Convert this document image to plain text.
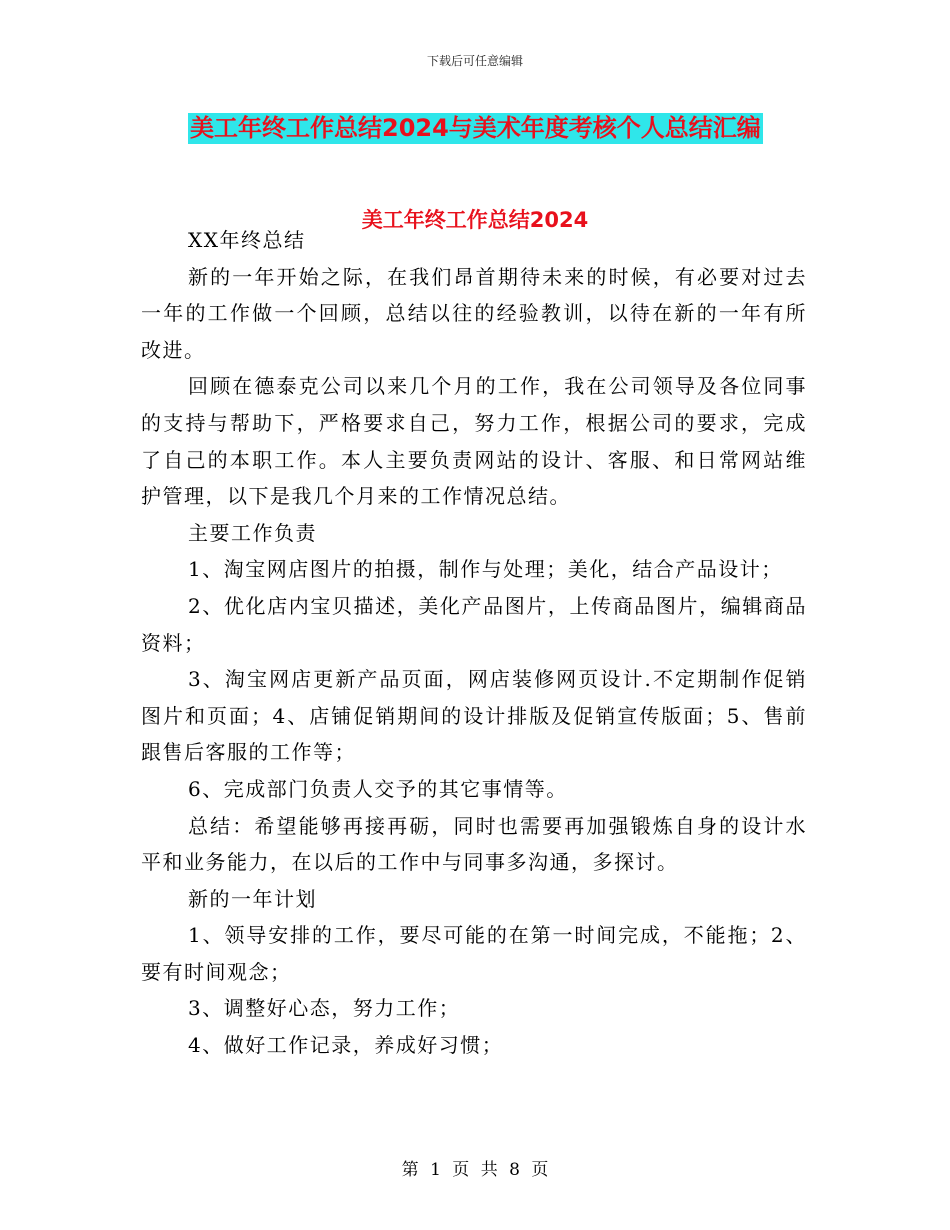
下载后可任意编辑
美工年终工作总结2024与美术年度考核个人总结汇编
美工年终工作总结2024

XX年终总结

新的一年开始之际，在我们昂首期待未来的时候，有必要对过去一年的工作做一个回顾，总结以往的经验教训，以待在新的一年有所改进。

回顾在德泰克公司以来几个月的工作，我在公司领导及各位同事的支持与帮助下，严格要求自己，努力工作，根据公司的要求，完成了自己的本职工作。本人主要负责网站的设计、客服、和日常网站维护管理，以下是我几个月来的工作情况总结。

主要工作负责

1、淘宝网店图片的拍摄，制作与处理；美化，结合产品设计；

2、优化店内宝贝描述，美化产品图片，上传商品图片，编辑商品资料；

3、淘宝网店更新产品页面，网店装修网页设计.不定期制作促销图片和页面；4、店铺促销期间的设计排版及促销宣传版面；5、售前跟售后客服的工作等；

6、完成部门负责人交予的其它事情等。

总结：希望能够再接再砺，同时也需要再加强锻炼自身的设计水平和业务能力，在以后的工作中与同事多沟通，多探讨。

新的一年计划

1、领导安排的工作，要尽可能的在第一时间完成，不能拖；2、要有时间观念；

3、调整好心态，努力工作；

4、做好工作记录，养成好习惯；

第 1 页 共 8 页
